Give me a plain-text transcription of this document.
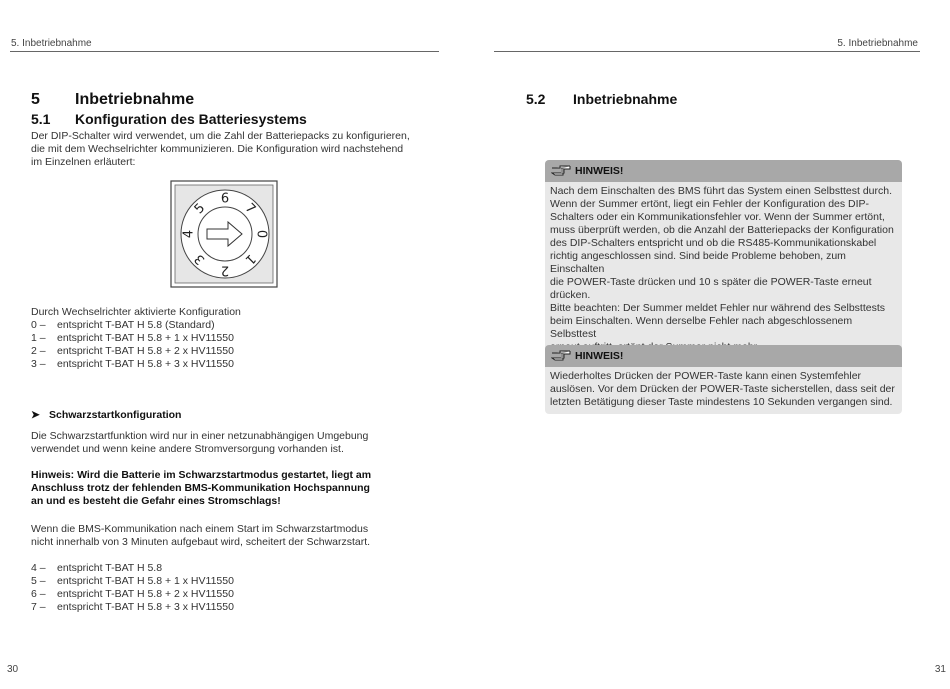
5. Inbetriebnahme	5. Inbetriebnahme
5 Inbetriebnahme
5.1 Konfiguration des Batteriesystems
Der DIP-Schalter wird verwendet, um die Zahl der Batteriepacks zu konfigurieren,
die mit dem Wechselrichter kommunizieren. Die Konfiguration wird nachstehend
im Einzelnen erläutert:
0
1
2
3
4
5
6
7
Durch Wechselrichter aktivierte Konfiguration
0 – entspricht T-BAT H 5.8 (Standard)
1 – entspricht T-BAT H 5.8 + 1 x HV11550
2 – entspricht T-BAT H 5.8 + 2 x HV11550
3 – entspricht T-BAT H 5.8 + 3 x HV11550
➤ Schwarzstartkonfiguration
Die Schwarzstartfunktion wird nur in einer netzunabhängigen Umgebung
verwendet und wenn keine andere Stromversorgung vorhanden ist.
Hinweis: Wird die Batterie im Schwarzstartmodus gestartet, liegt am
Anschluss trotz der fehlenden BMS-Kommunikation Hochspannung
an und es besteht die Gefahr eines Stromschlags!
Wenn die BMS-Kommunikation nach einem Start im Schwarzstartmodus
nicht innerhalb von 3 Minuten aufgebaut wird, scheitert der Schwarzstart.
4 – entspricht T-BAT H 5.8
5 – entspricht T-BAT H 5.8 + 1 x HV11550
6 – entspricht T-BAT H 5.8 + 2 x HV11550
7 – entspricht T-BAT H 5.8 + 3 x HV11550
30
5.2 Inbetriebnahme
HINWEIS!
Nach dem Einschalten des BMS führt das System einen Selbsttest durch.
Wenn der Summer ertönt, liegt ein Fehler der Konfiguration des DIP-
Schalters oder ein Kommunikationsfehler vor. Wenn der Summer ertönt,
muss überprüft werden, ob die Anzahl der Batteriepacks der Konfiguration
des DIP-Schalters entspricht und ob die RS485-Kommunikationskabel
richtig angeschlossen sind. Sind beide Probleme behoben, zum Einschalten
die POWER-Taste drücken und 10 s später die POWER-Taste erneut drücken.
Bitte beachten: Der Summer meldet Fehler nur während des Selbsttests
beim Einschalten. Wenn derselbe Fehler nach abgeschlossenem Selbsttest
HINWEIS!
Wiederholtes Drücken der POWER-Taste kann einen Systemfehler
auslösen. Vor dem Drücken der POWER-Taste sicherstellen, dass seit der
letzten Betätigung dieser Taste mindestens 10 Sekunden vergangen sind.
31
